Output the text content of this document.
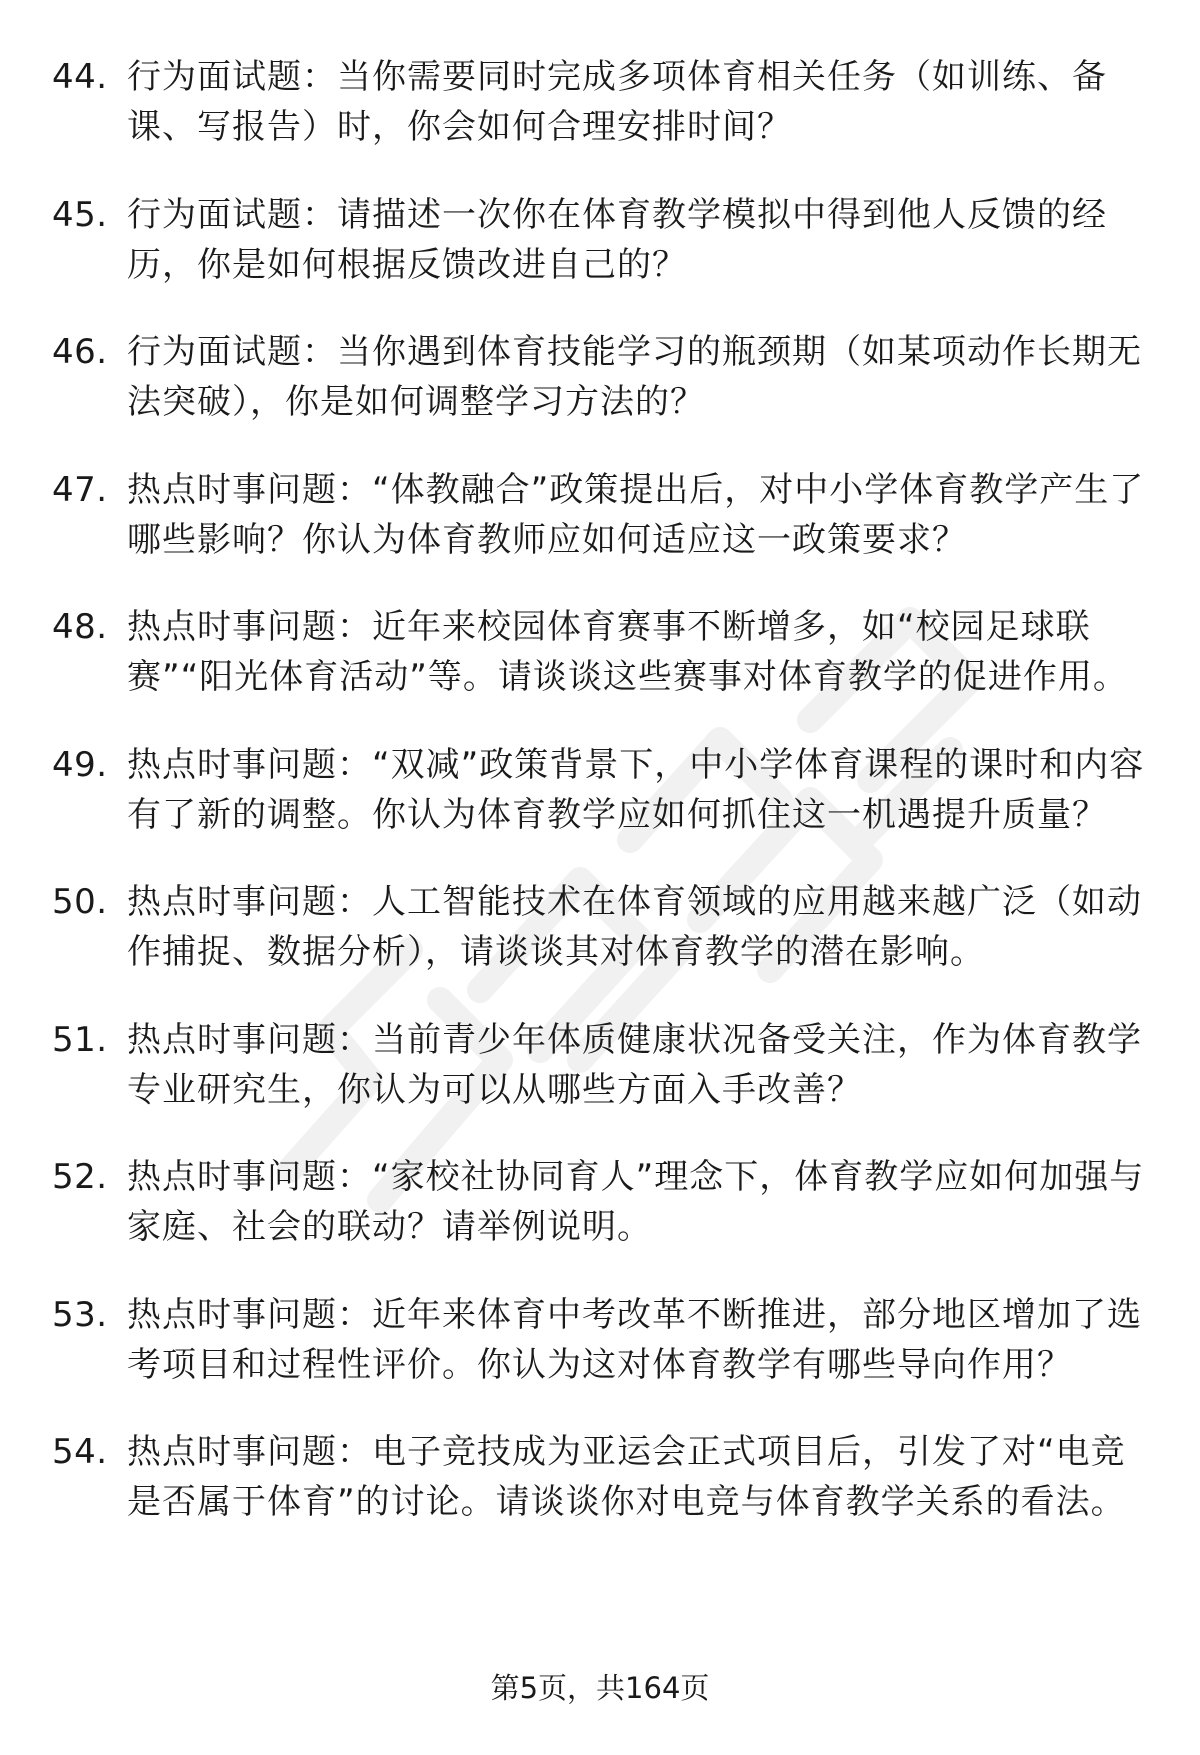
44. 行为面试题：当你需要同时完成多项体育相关任务（如训练、备课、写报告）时，你会如何合理安排时间？
45. 行为面试题：请描述一次你在体育教学模拟中得到他人反馈的经历，你是如何根据反馈改进自己的？
46. 行为面试题：当你遇到体育技能学习的瓶颈期（如某项动作长期无法突破），你是如何调整学习方法的？
47. 热点时事问题：“体教融合”政策提出后，对中小学体育教学产生了哪些影响？你认为体育教师应如何适应这一政策要求？
48. 热点时事问题：近年来校园体育赛事不断增多，如“校园足球联赛”“阳光体育活动”等。请谈谈这些赛事对体育教学的促进作用。
49. 热点时事问题：“双减”政策背景下，中小学体育课程的课时和内容有了新的调整。你认为体育教学应如何抓住这一机遇提升质量？
50. 热点时事问题：人工智能技术在体育领域的应用越来越广泛（如动作捕捉、数据分析），请谈谈其对体育教学的潜在影响。
51. 热点时事问题：当前青少年体质健康状况备受关注，作为体育教学专业研究生，你认为可以从哪些方面入手改善？
52. 热点时事问题：“家校社协同育人”理念下，体育教学应如何加强与家庭、社会的联动？请举例说明。
53. 热点时事问题：近年来体育中考改革不断推进，部分地区增加了选考项目和过程性评价。你认为这对体育教学有哪些导向作用？
54. 热点时事问题：电子竞技成为亚运会正式项目后，引发了对“电竞是否属于体育”的讨论。请谈谈你对电竞与体育教学关系的看法。
第5页，共164页
